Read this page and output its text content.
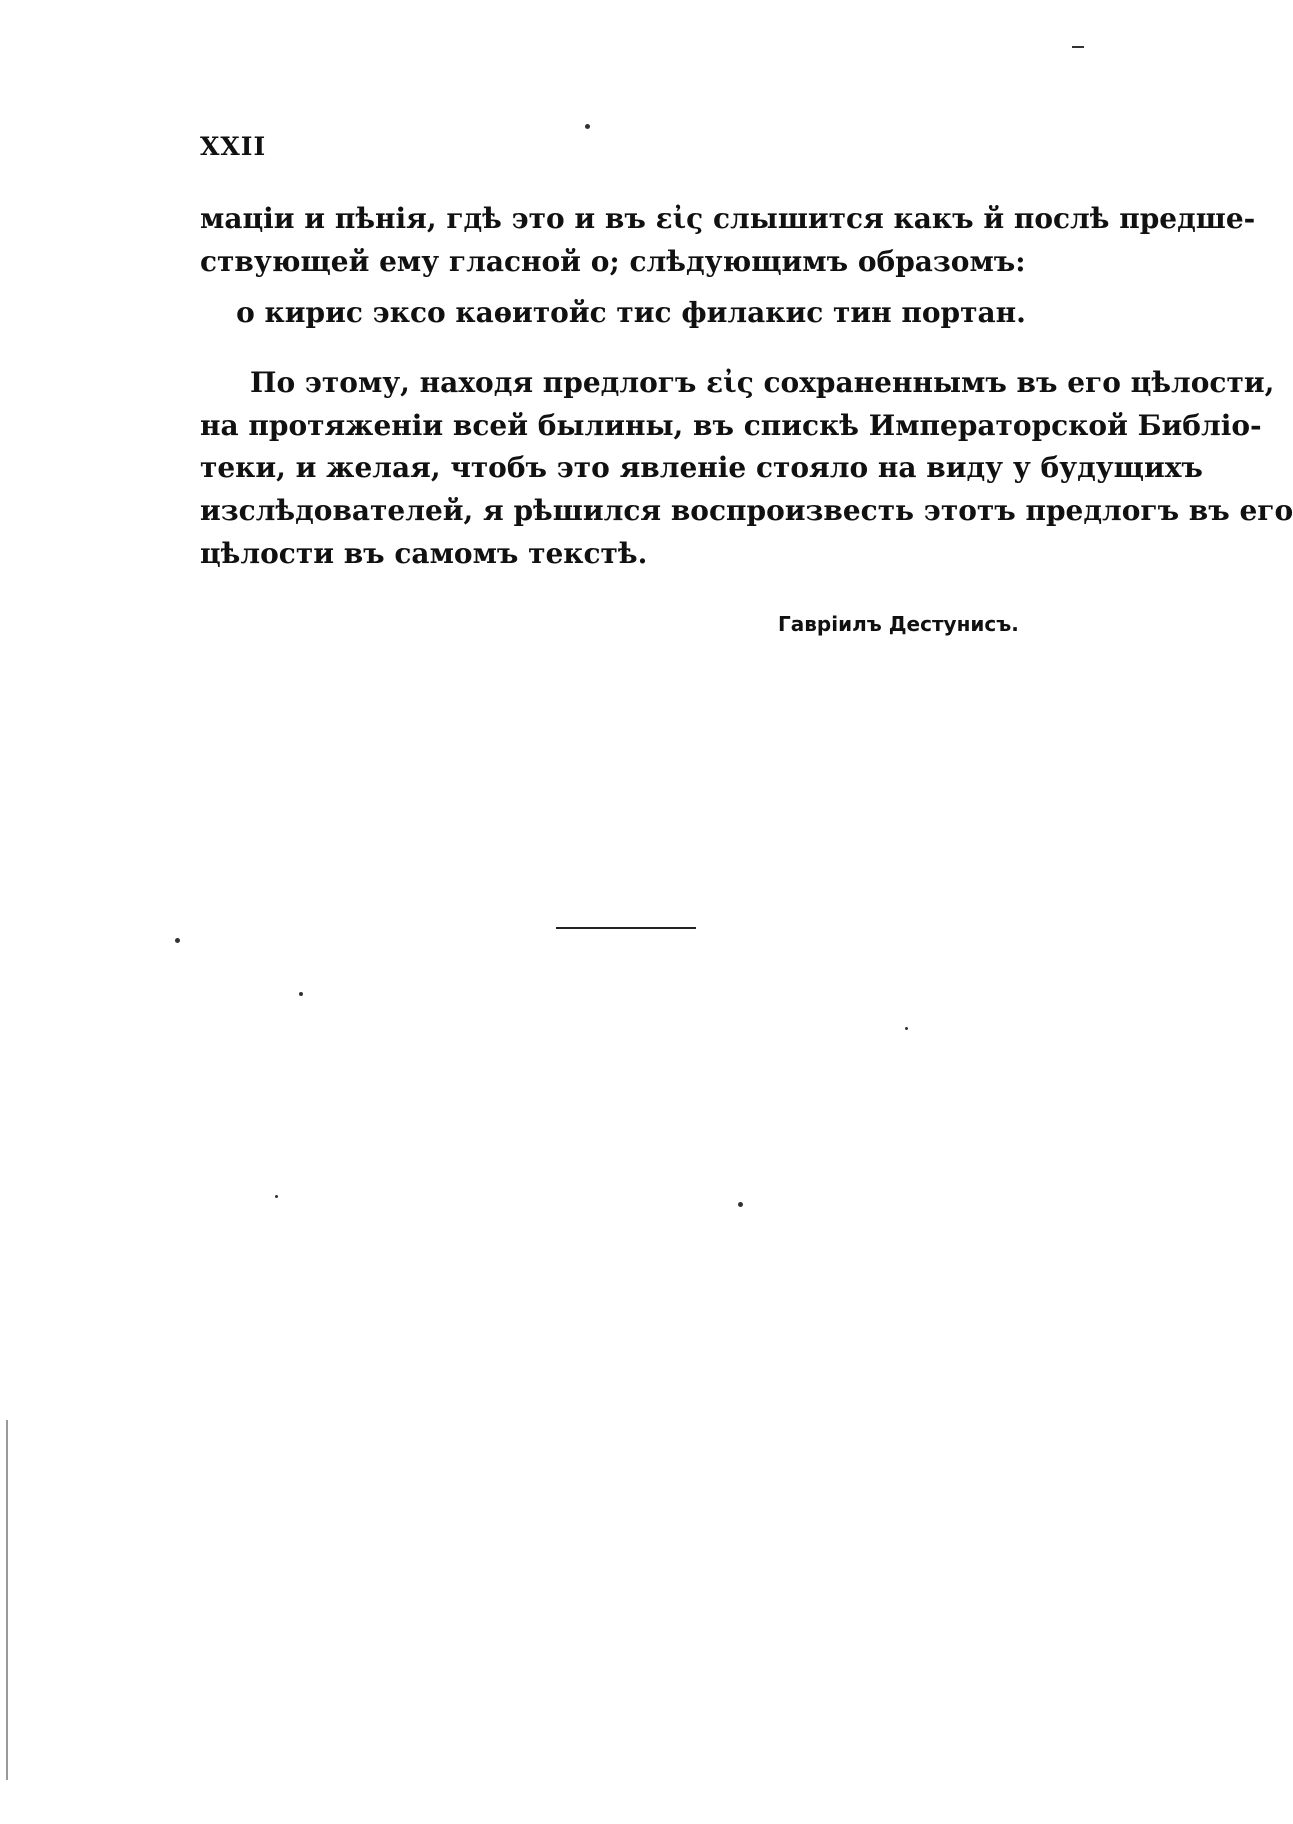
XXII
мацiи и пѣнiя, гдѣ это и въ εἰς слышится какъ й послѣ предше-
ствующей ему гласной о; слѣдующимъ образомъ:
о кирис эксо каѳитойс тис филакис тин портан.
По этому, находя предлогъ εἰς сохраненнымъ въ его цѣлости,
на протяженiи всей былины, въ спискѣ Императорской Библiо-
теки, и желая, чтобъ это явленiе стояло на виду у будущихъ
изслѣдователей, я рѣшился воспроизвесть этотъ предлогъ въ его
цѣлости въ самомъ текстѣ.
Гаврiилъ Дестунисъ.
